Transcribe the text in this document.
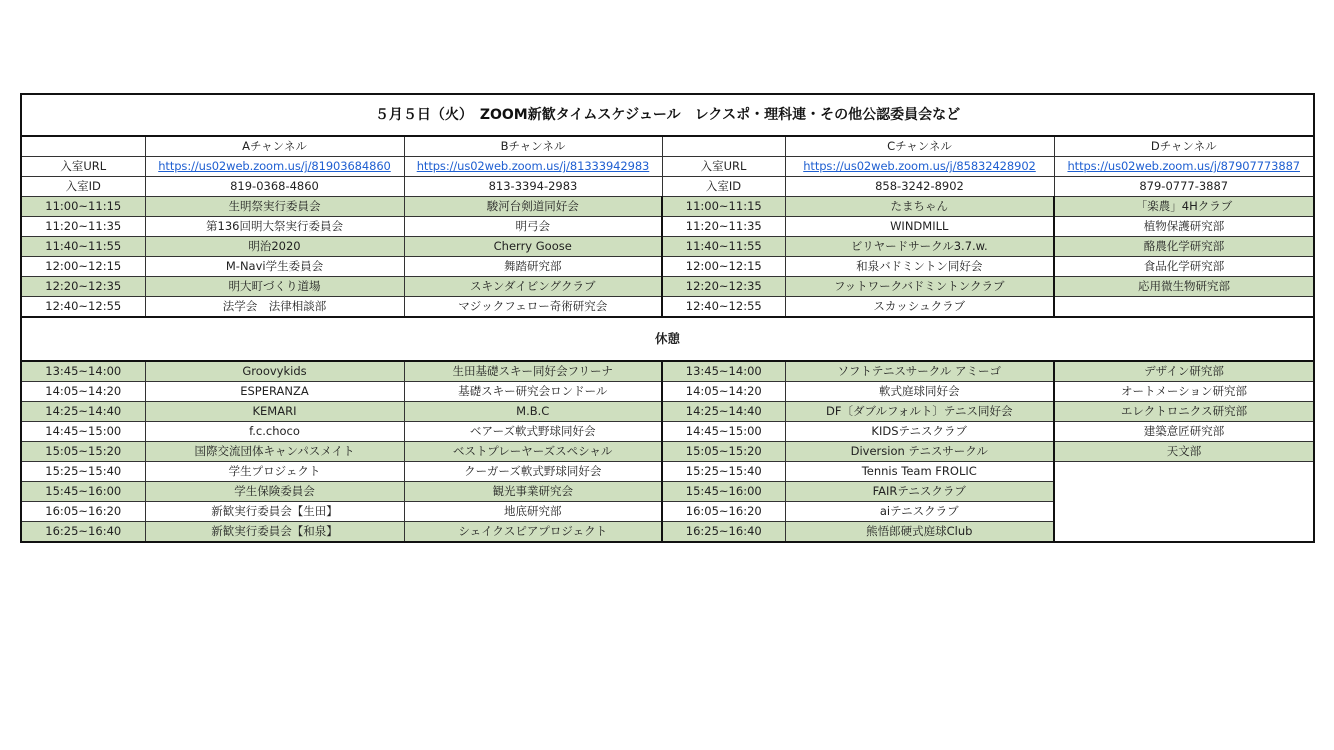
５月５日（火）　ZOOM新歓タイムスケジュール　レクスポ・理科連・その他公認委員会など					
	Aチャンネル	Bチャンネル		Cチャンネル	Dチャンネル
入室URL	https://us02web.zoom.us/j/81903684860	https://us02web.zoom.us/j/81333942983	入室URL	https://us02web.zoom.us/j/85832428902	https://us02web.zoom.us/j/87907773887
入室ID	819-0368-4860	813-3394-2983	入室ID	858-3242-8902	879-0777-3887
11:00~11:15	生明祭実行委員会	駿河台剣道同好会	11:00~11:15	たまちゃん	「楽農」4Hクラブ
11:20~11:35	第136回明大祭実行委員会	明弓会	11:20~11:35	WINDMILL	植物保護研究部
11:40~11:55	明治2020	Cherry Goose	11:40~11:55	ビリヤードサークル3.7.w.	酪農化学研究部
12:00~12:15	M-Navi学生委員会	舞踏研究部	12:00~12:15	和泉バドミントン同好会	食品化学研究部
12:20~12:35	明大町づくり道場	スキンダイビングクラブ	12:20~12:35	フットワークバドミントンクラブ	応用微生物研究部
12:40~12:55	法学会　法律相談部	マジックフェロー奇術研究会	12:40~12:55	スカッシュクラブ	
休憩					
13:45~14:00	Groovykids	生田基礎スキー同好会フリーナ	13:45~14:00	ソフトテニスサークル アミーゴ	デザイン研究部
14:05~14:20	ESPERANZA	基礎スキー研究会ロンドール	14:05~14:20	軟式庭球同好会	オートメーション研究部
14:25~14:40	KEMARI	M.B.C	14:25~14:40	DF〔ダブルフォルト〕テニス同好会	エレクトロニクス研究部
14:45~15:00	f.c.choco	ベアーズ軟式野球同好会	14:45~15:00	KIDSテニスクラブ	建築意匠研究部
15:05~15:20	国際交流団体キャンパスメイト	ベストプレーヤーズスペシャル	15:05~15:20	Diversion テニスサークル	天文部
15:25~15:40	学生プロジェクト	クーガーズ軟式野球同好会	15:25~15:40	Tennis Team FROLIC	
15:45~16:00	学生保険委員会	観光事業研究会	15:45~16:00	FAIRテニスクラブ	
16:05~16:20	新歓実行委員会【生田】	地底研究部	16:05~16:20	aiテニスクラブ	
16:25~16:40	新歓実行委員会【和泉】	シェイクスピアプロジェクト	16:25~16:40	熊悟郎硬式庭球Club	
